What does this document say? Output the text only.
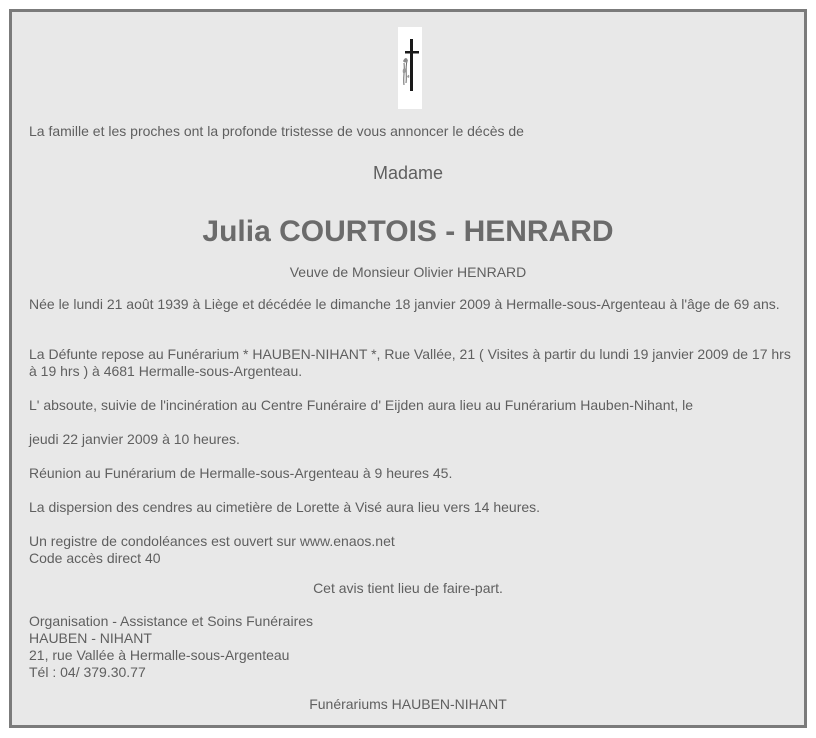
La famille et les proches ont la profonde tristesse de vous annoncer le décès de
Madame
Julia COURTOIS - HENRARD
Veuve de Monsieur Olivier HENRARD
Née le lundi 21 août 1939 à Liège et décédée le dimanche 18 janvier 2009 à Hermalle-sous-Argenteau à l'âge de 69 ans.
La Défunte repose au Funérarium * HAUBEN-NIHANT *, Rue Vallée, 21 ( Visites à partir du lundi 19 janvier 2009 de 17 hrs à 19 hrs ) à 4681 Hermalle-sous-Argenteau.
L' absoute, suivie de l'incinération au Centre Funéraire d' Eijden aura lieu au Funérarium Hauben-Nihant, le
jeudi 22 janvier 2009 à 10 heures.
Réunion au Funérarium de Hermalle-sous-Argenteau à 9 heures 45.
La dispersion des cendres au cimetière de Lorette à Visé aura lieu vers 14 heures.
Un registre de condoléances est ouvert sur www.enaos.net
Code accès direct 40
Cet avis tient lieu de faire-part.
Organisation - Assistance et Soins Funéraires
HAUBEN - NIHANT
21, rue Vallée à Hermalle-sous-Argenteau
Tél : 04/ 379.30.77
Funérariums HAUBEN-NIHANT
